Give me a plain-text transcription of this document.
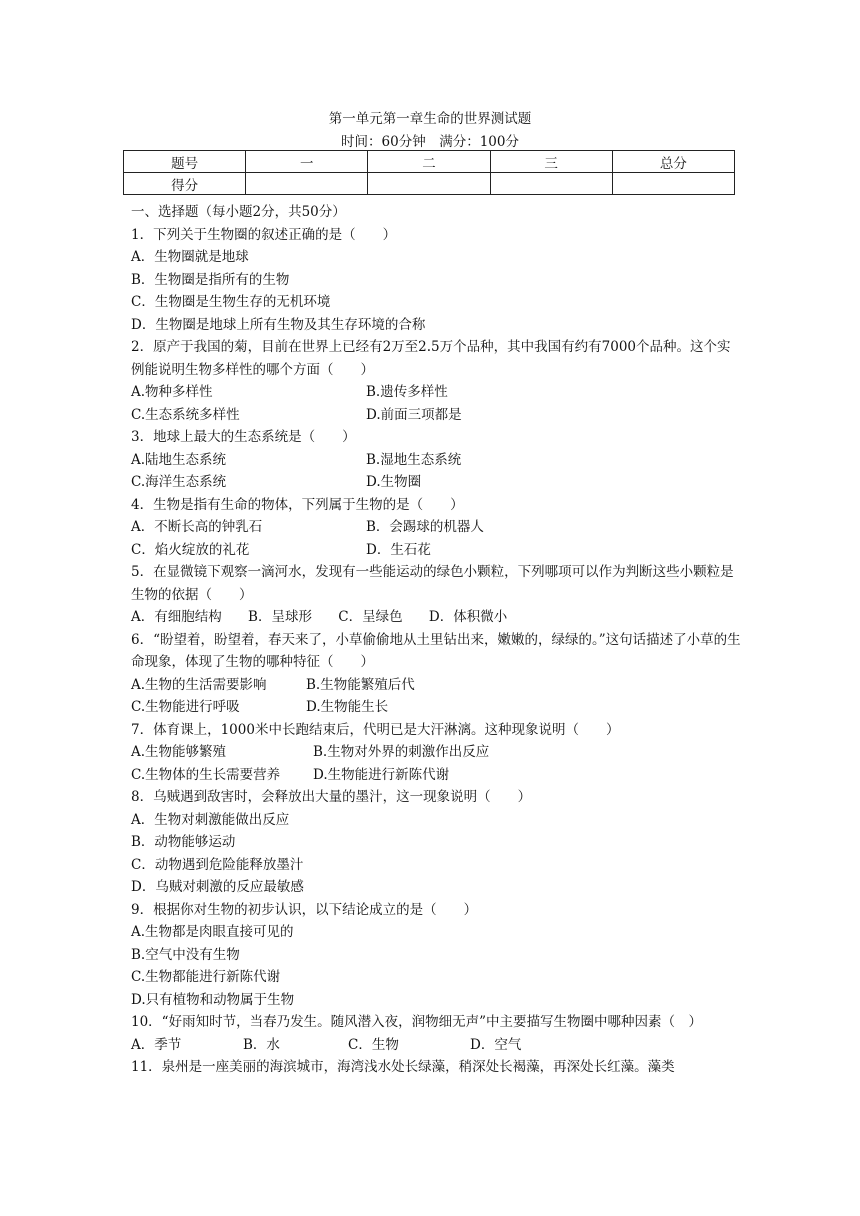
第一单元第一章生命的世界测试题
时间：60分钟　满分：100分
题号	一	二	三	总分
得分				
一、选择题（每小题2分，共50分）
1．下列关于生物圈的叙述正确的是（　　）
A．生物圈就是地球
B．生物圈是指所有的生物
C．生物圈是生物生存的无机环境
D．生物圈是地球上所有生物及其生存环境的合称
2．原产于我国的菊，目前在世界上已经有2万至2.5万个品种，其中我国有约有7000个品种。这个实例能说明生物多样性的哪个方面（　　）
A.物种多样性	B.遗传多样性
C.生态系统多样性	D.前面三项都是
3．地球上最大的生态系统是（　　）
A.陆地生态系统	B.湿地生态系统
C.海洋生态系统	D.生物圈
4．生物是指有生命的物体，下列属于生物的是（　　）
A．不断长高的钟乳石	B．会踢球的机器人
C．焰火绽放的礼花	D．生石花
5．在显微镜下观察一滴河水，发现有一些能运动的绿色小颗粒，下列哪项可以作为判断这些小颗粒是生物的依据（　　）
A．有细胞结构 B．呈球形 C．呈绿色 D．体积微小
6．“盼望着，盼望着，春天来了，小草偷偷地从土里钻出来，嫩嫩的，绿绿的。”这句话描述了小草的生命现象，体现了生物的哪种特征（　　）
A.生物的生活需要影响	B.生物能繁殖后代
C.生物能进行呼吸	D.生物能生长
7．体育课上，1000米中长跑结束后，代明已是大汗淋漓。这种现象说明（　　）
A.生物能够繁殖	B.生物对外界的刺激作出反应
C.生物体的生长需要营养	D.生物能进行新陈代谢
8．乌贼遇到敌害时，会释放出大量的墨汁，这一现象说明（　　）
A．生物对刺激能做出反应
B．动物能够运动
C．动物遇到危险能释放墨汁
D．乌贼对刺激的反应最敏感
9．根据你对生物的初步认识，以下结论成立的是（　　）
A.生物都是肉眼直接可见的
B.空气中没有生物
C.生物都能进行新陈代谢
D.只有植物和动物属于生物
10．“好雨知时节，当春乃发生。随风潜入夜，润物细无声”中主要描写生物圈中哪种因素（　）
A．季节	B．水	C．生物	D．空气
11．泉州是一座美丽的海滨城市，海湾浅水处长绿藻，稍深处长褐藻，再深处长红藻。藻类
